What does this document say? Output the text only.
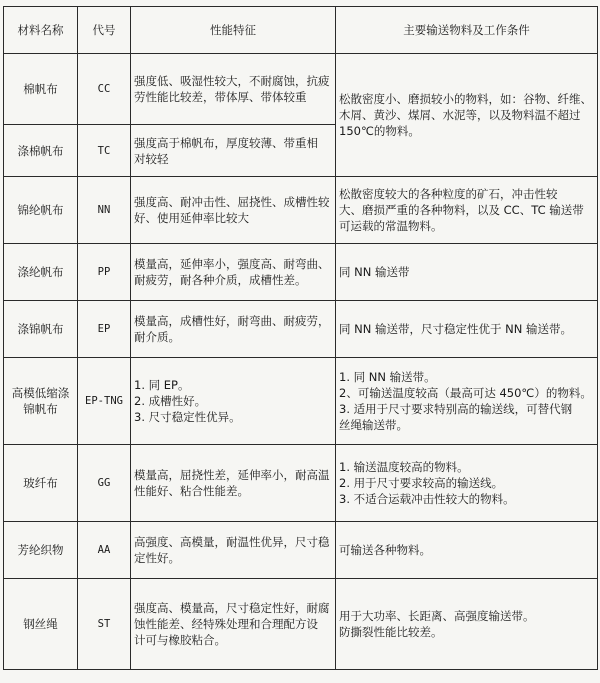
材料名称	代号	性能特征	主要输送物料及工作条件

棉帆布	CC	强度低、吸湿性较大，不耐腐蚀，抗疲
劳性能比较差，带体厚、带体较重	松散密度小、磨损较小的物料，如：谷物、纤维、
木屑、黄沙、煤屑、水泥等，以及物料温不超过
150℃的物料。

涤棉帆布	TC	强度高于棉帆布，厚度较薄、带重相
对较轻	

锦纶帆布	NN	强度高、耐冲击性、屈挠性、成槽性较
好、使用延伸率比较大	松散密度较大的各种粒度的矿石，冲击性较
大、磨损严重的各种物料，以及 CC、TC 输送带
可运载的常温物料。

涤纶帆布	PP	模量高，延伸率小，强度高、耐弯曲、
耐疲劳，耐各种介质，成槽性差。	同 NN 输送带

涤锦帆布	EP	模量高，成槽性好，耐弯曲、耐疲劳，
耐介质。	同 NN 输送带，尺寸稳定性优于 NN 输送带。

高模低缩涤
锦帆布	EP-TNG	1. 同 EP。
2. 成槽性好。
3. 尺寸稳定性优异。	1. 同 NN 输送带。
2、可输送温度较高（最高可达 450℃）的物料。
3. 适用于尺寸要求特别高的输送线，可替代钢
丝绳输送带。

玻纤布	GG	模量高，屈挠性差，延伸率小，耐高温
性能好、粘合性能差。	1. 输送温度较高的物料。
2. 用于尺寸要求较高的输送线。
3. 不适合运载冲击性较大的物料。

芳纶织物	AA	高强度、高模量，耐温性优异，尺寸稳
定性好。	可输送各种物料。

钢丝绳	ST	强度高、模量高，尺寸稳定性好，耐腐
蚀性能差、经特殊处理和合理配方设
计可与橡胶粘合。	用于大功率、长距离、高强度输送带。
防撕裂性能比较差。
